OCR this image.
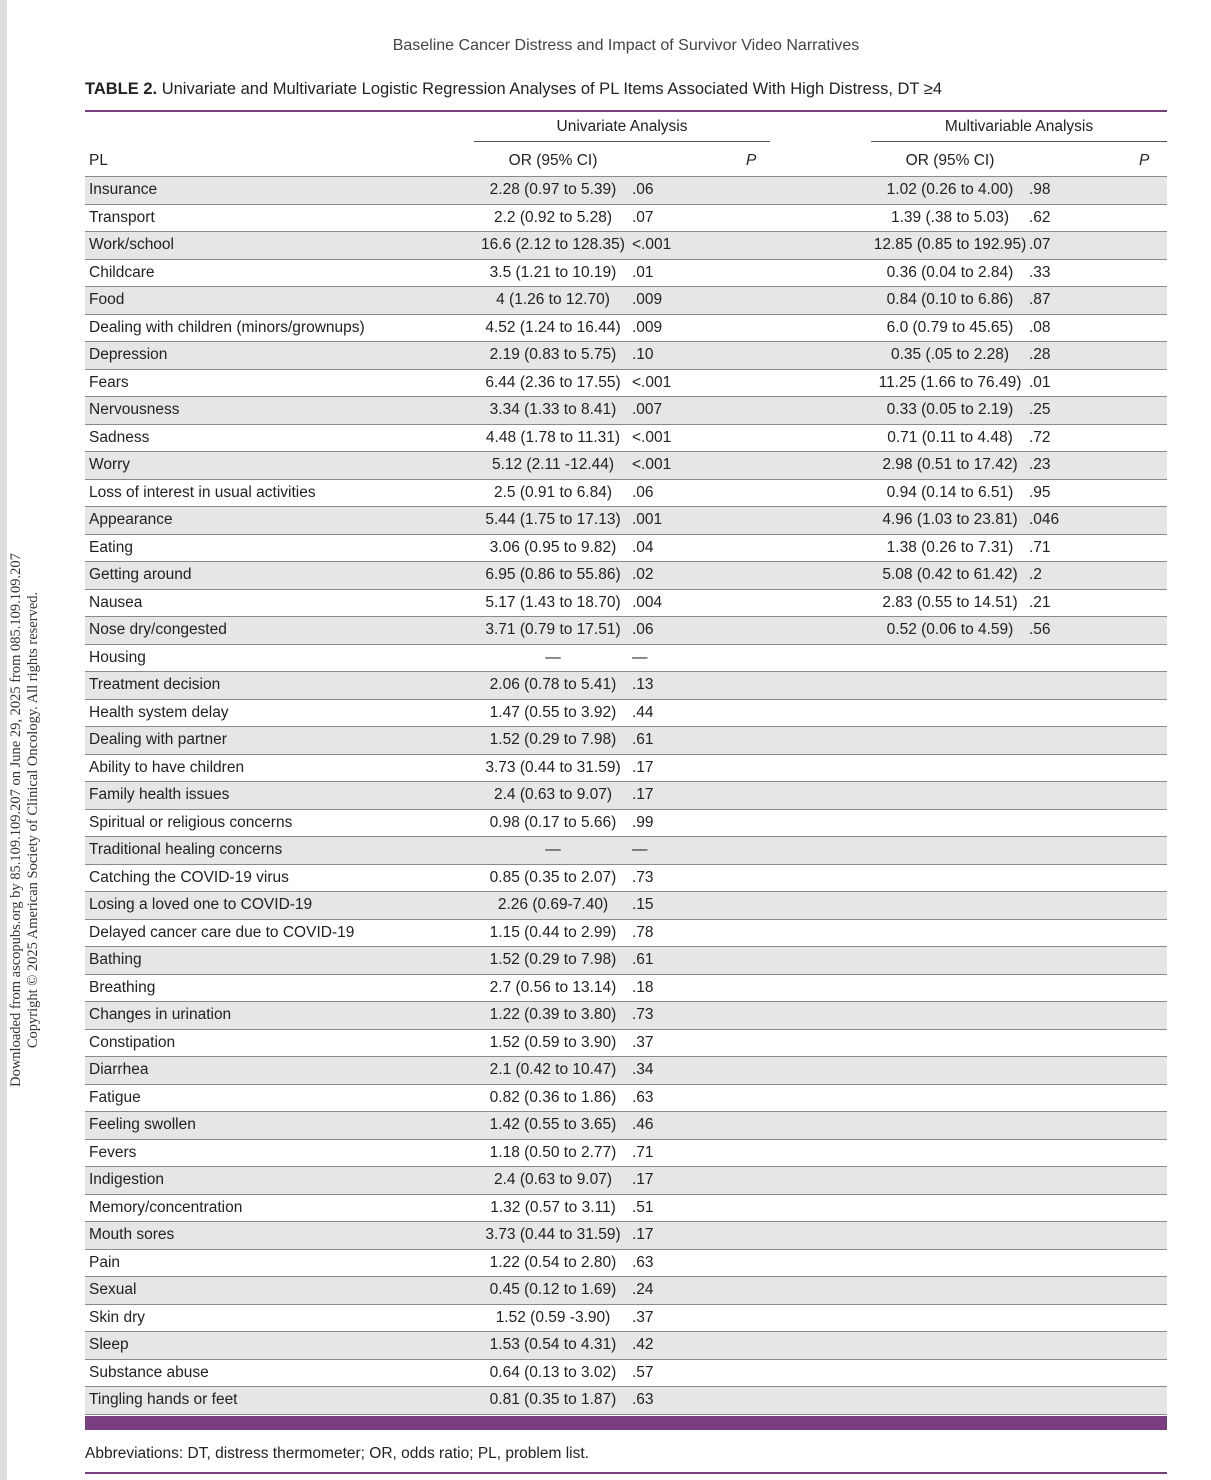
Downloaded from ascopubs.org by 85.109.109.207 on June 29, 2025 from 085.109.109.207 Copyright © 2025 American Society of Clinical Oncology. All rights reserved.
Baseline Cancer Distress and Impact of Survivor Video Narratives
TABLE 2. Univariate and Multivariate Logistic Regression Analyses of PL Items Associated With High Distress, DT ≥4
Univariate Analysis	Multivariable Analysis
PL	OR (95% CI)	P	OR (95% CI)	P
Insurance	2.28 (0.97 to 5.39)	.06		1.02 (0.26 to 4.00)	.98
Transport	2.2 (0.92 to 5.28)	.07		1.39 (.38 to 5.03)	.62
Work/school	16.6 (2.12 to 128.35)	<.001		12.85 (0.85 to 192.95)	.07
Childcare	3.5 (1.21 to 10.19)	.01		0.36 (0.04 to 2.84)	.33
Food	4 (1.26 to 12.70)	.009		0.84 (0.10 to 6.86)	.87
Dealing with children (minors/grownups)	4.52 (1.24 to 16.44)	.009		6.0 (0.79 to 45.65)	.08
Depression	2.19 (0.83 to 5.75)	.10		0.35 (.05 to 2.28)	.28
Fears	6.44 (2.36 to 17.55)	<.001		11.25 (1.66 to 76.49)	.01
Nervousness	3.34 (1.33 to 8.41)	.007		0.33 (0.05 to 2.19)	.25
Sadness	4.48 (1.78 to 11.31)	<.001		0.71 (0.11 to 4.48)	.72
Worry	5.12 (2.11 -12.44)	<.001		2.98 (0.51 to 17.42)	.23
Loss of interest in usual activities	2.5 (0.91 to 6.84)	.06		0.94 (0.14 to 6.51)	.95
Appearance	5.44 (1.75 to 17.13)	.001		4.96 (1.03 to 23.81)	.046
Eating	3.06 (0.95 to 9.82)	.04		1.38 (0.26 to 7.31)	.71
Getting around	6.95 (0.86 to 55.86)	.02		5.08 (0.42 to 61.42)	.2
Nausea	5.17 (1.43 to 18.70)	.004		2.83 (0.55 to 14.51)	.21
Nose dry/congested	3.71 (0.79 to 17.51)	.06		0.52 (0.06 to 4.59)	.56
Housing	—	—			
Treatment decision	2.06 (0.78 to 5.41)	.13			
Health system delay	1.47 (0.55 to 3.92)	.44			
Dealing with partner	1.52 (0.29 to 7.98)	.61			
Ability to have children	3.73 (0.44 to 31.59)	.17			
Family health issues	2.4 (0.63 to 9.07)	.17			
Spiritual or religious concerns	0.98 (0.17 to 5.66)	.99			
Traditional healing concerns	—	—			
Catching the COVID-19 virus	0.85 (0.35 to 2.07)	.73			
Losing a loved one to COVID-19	2.26 (0.69-7.40)	.15			
Delayed cancer care due to COVID-19	1.15 (0.44 to 2.99)	.78			
Bathing	1.52 (0.29 to 7.98)	.61			
Breathing	2.7 (0.56 to 13.14)	.18			
Changes in urination	1.22 (0.39 to 3.80)	.73			
Constipation	1.52 (0.59 to 3.90)	.37			
Diarrhea	2.1 (0.42 to 10.47)	.34			
Fatigue	0.82 (0.36 to 1.86)	.63			
Feeling swollen	1.42 (0.55 to 3.65)	.46			
Fevers	1.18 (0.50 to 2.77)	.71			
Indigestion	2.4 (0.63 to 9.07)	.17			
Memory/concentration	1.32 (0.57 to 3.11)	.51			
Mouth sores	3.73 (0.44 to 31.59)	.17			
Pain	1.22 (0.54 to 2.80)	.63			
Sexual	0.45 (0.12 to 1.69)	.24			
Skin dry	1.52 (0.59 -3.90)	.37			
Sleep	1.53 (0.54 to 4.31)	.42			
Substance abuse	0.64 (0.13 to 3.02)	.57			
Tingling hands or feet	0.81 (0.35 to 1.87)	.63			
Abbreviations: DT, distress thermometer; OR, odds ratio; PL, problem list.
